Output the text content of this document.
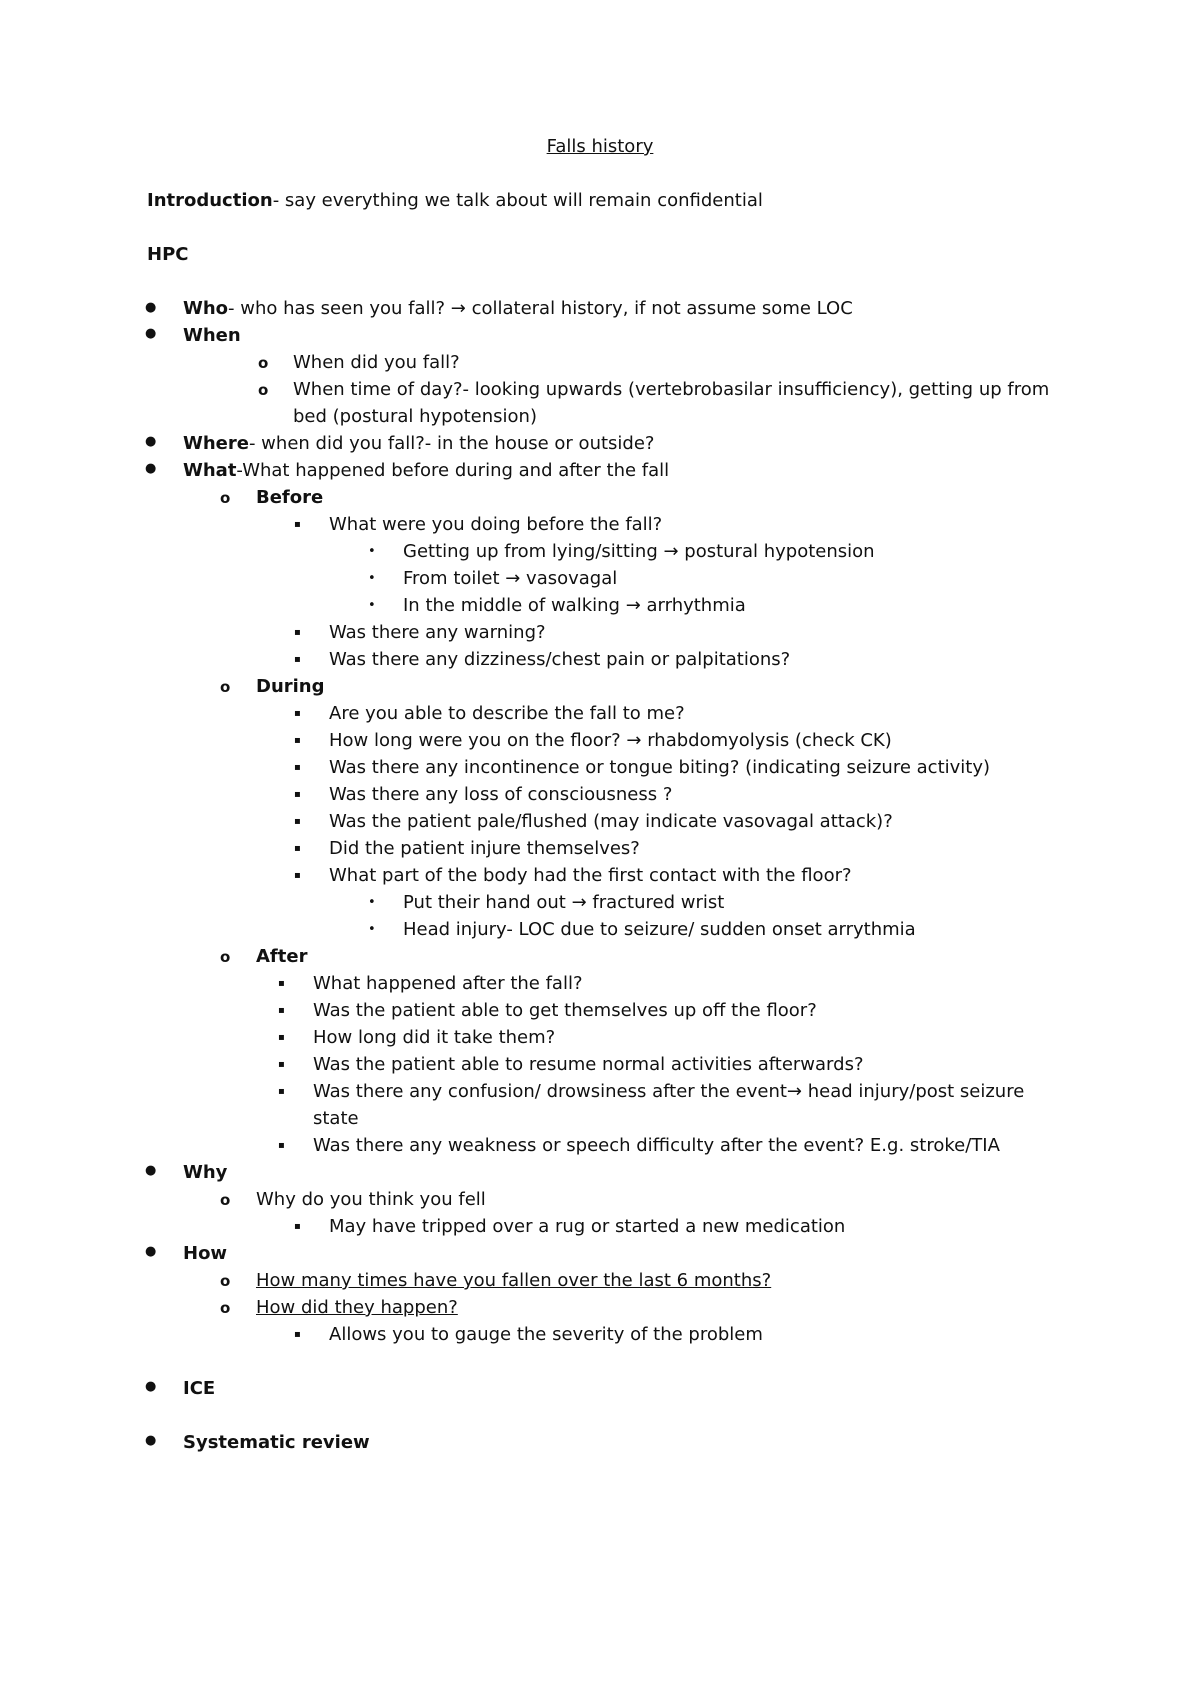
Falls history
Introduction- say everything we talk about will remain confidential
HPC
● Who- who has seen you fall? → collateral history, if not assume some LOC
● When
o When did you fall?
o When time of day?- looking upwards (vertebrobasilar insufficiency), getting up from
bed (postural hypotension)
● Where- when did you fall?- in the house or outside?
● What-What happened before during and after the fall
o Before
▪ What were you doing before the fall?
• Getting up from lying/sitting → postural hypotension
• From toilet → vasovagal
• In the middle of walking → arrhythmia
▪ Was there any warning?
▪ Was there any dizziness/chest pain or palpitations?
o During
▪ Are you able to describe the fall to me?
▪ How long were you on the floor? → rhabdomyolysis (check CK)
▪ Was there any incontinence or tongue biting? (indicating seizure activity)
▪ Was there any loss of consciousness ?
▪ Was the patient pale/flushed (may indicate vasovagal attack)?
▪ Did the patient injure themselves?
▪ What part of the body had the first contact with the floor?
• Put their hand out → fractured wrist
• Head injury- LOC due to seizure/ sudden onset arrythmia
o After
▪ What happened after the fall?
▪ Was the patient able to get themselves up off the floor?
▪ How long did it take them?
▪ Was the patient able to resume normal activities afterwards?
▪ Was there any confusion/ drowsiness after the event→ head injury/post seizure
state
▪ Was there any weakness or speech difficulty after the event? E.g. stroke/TIA
● Why
o Why do you think you fell
▪ May have tripped over a rug or started a new medication
● How
o How many times have you fallen over the last 6 months?
o How did they happen?
▪ Allows you to gauge the severity of the problem
● ICE
● Systematic review
